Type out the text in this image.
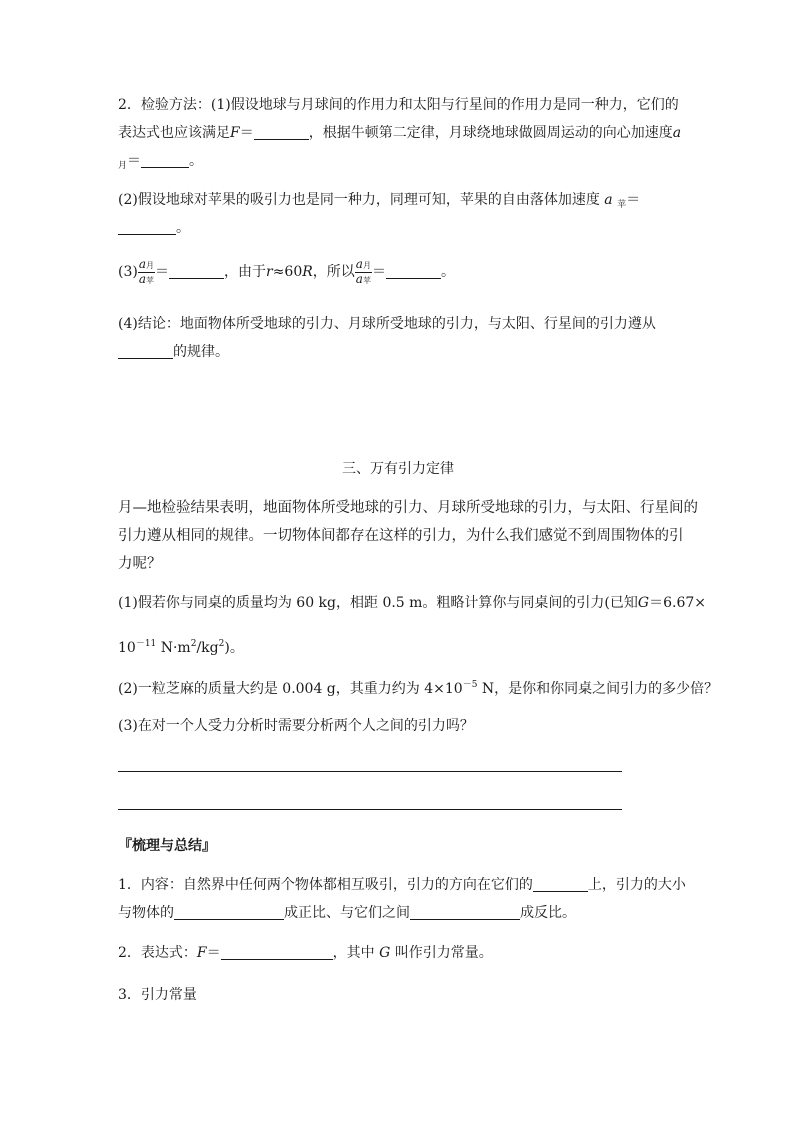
2．检验方法：(1)假设地球与月球间的作用力和太阳与行星间的作用力是同一种力，它们的
表达式也应该满足F＝	，根据牛顿第二定律，月球绕地球做圆周运动的向心加速度a
$_月$＝	。
(2)假设地球对苹果的吸引力也是同一种力，同理可知，苹果的自由落体加速度 a $_苹$＝
。
$(3) \frac{\text{a月}}{\text{a苹}}$ ＝	，由于r≈60R，所以 $\frac{\text{a月}}{\text{a苹}}$ ＝	。
(4)结论：地面物体所受地球的引力、月球所受地球的引力，与太阳、行星间的引力遵从
的规律。
三、万有引力定律
月—地检验结果表明，地面物体所受地球的引力、月球所受地球的引力，与太阳、行星间的
引力遵从相同的规律。一切物体间都存在这样的引力，为什么我们感觉不到周围物体的引
力呢？
(1)假若你与同桌的质量均为 60 kg，相距 0.5 m。粗略计算你与同桌间的引力(已知G＝6.67×
$10^{-11}$ $N\cdot m^2/kg^2$)。
(2)一粒芝麻的质量大约是 0.004 g，其重力约为 $4\times 10^{-5}$ N，是你和你同桌之间引力的多少倍？
(3)在对一个人受力分析时需要分析两个人之间的引力吗？
『梳理与总结』
1．内容：自然界中任何两个物体都相互吸引，引力的方向在它们的	上，引力的大小
与物体的	成正比、与它们之间	成反比。
2．表达式：F＝	，其中 G 叫作引力常量。
3．引力常量
